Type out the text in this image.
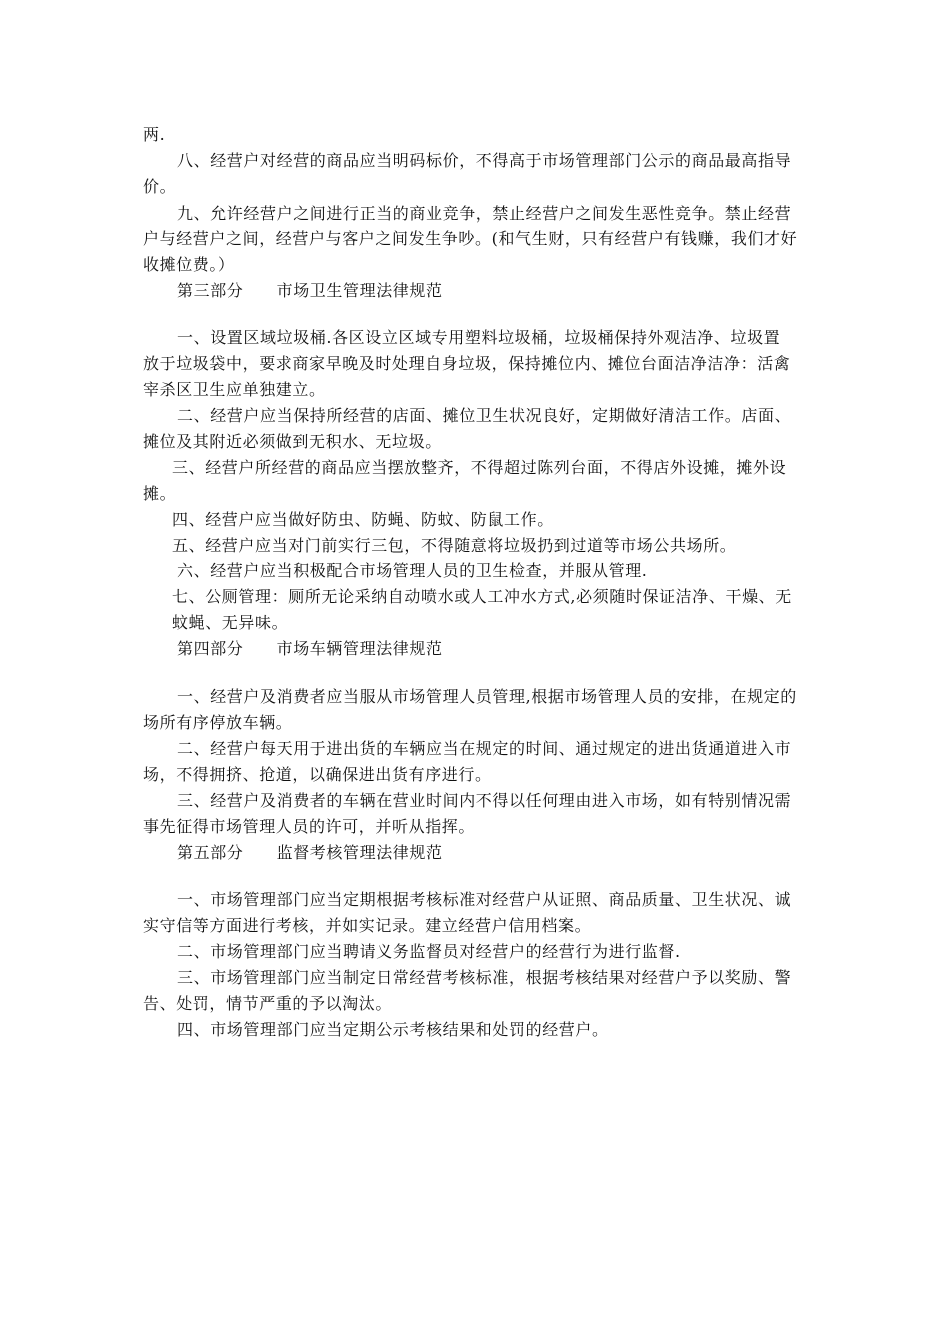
两.
八、经营户对经营的商品应当明码标价，不得高于市场管理部门公示的商品最高指导
价。
九、允许经营户之间进行正当的商业竞争，禁止经营户之间发生恶性竞争。禁止经营
户与经营户之间，经营户与客户之间发生争吵。(和气生财，只有经营户有钱赚，我们才好
收摊位费。）
第三部分　　市场卫生管理法律规范
一、设置区域垃圾桶.各区设立区域专用塑料垃圾桶，垃圾桶保持外观洁净、垃圾置
放于垃圾袋中，要求商家早晚及时处理自身垃圾，保持摊位内、摊位台面洁净洁净：活禽
宰杀区卫生应单独建立。
二、经营户应当保持所经营的店面、摊位卫生状况良好，定期做好清洁工作。店面、
摊位及其附近必须做到无积水、无垃圾。
三、经营户所经营的商品应当摆放整齐，不得超过陈列台面，不得店外设摊，摊外设
摊。
四、经营户应当做好防虫、防蝇、防蚊、防鼠工作。
五、经营户应当对门前实行三包，不得随意将垃圾扔到过道等市场公共场所。
六、经营户应当积极配合市场管理人员的卫生检查，并服从管理.
七、公厕管理：厕所无论采纳自动喷水或人工冲水方式,必须随时保证洁净、干燥、无
蚊蝇、无异味。
第四部分　　市场车辆管理法律规范
一、经营户及消费者应当服从市场管理人员管理,根据市场管理人员的安排，在规定的
场所有序停放车辆。
二、经营户每天用于进出货的车辆应当在规定的时间、通过规定的进出货通道进入市
场，不得拥挤、抢道，以确保进出货有序进行。
三、经营户及消费者的车辆在营业时间内不得以任何理由进入市场，如有特别情况需
事先征得市场管理人员的许可，并听从指挥。
第五部分　　监督考核管理法律规范
一、市场管理部门应当定期根据考核标准对经营户从证照、商品质量、卫生状况、诚
实守信等方面进行考核，并如实记录。建立经营户信用档案。
二、市场管理部门应当聘请义务监督员对经营户的经营行为进行监督.
三、市场管理部门应当制定日常经营考核标准，根据考核结果对经营户予以奖励、警
告、处罚，情节严重的予以淘汰。
四、市场管理部门应当定期公示考核结果和处罚的经营户。
